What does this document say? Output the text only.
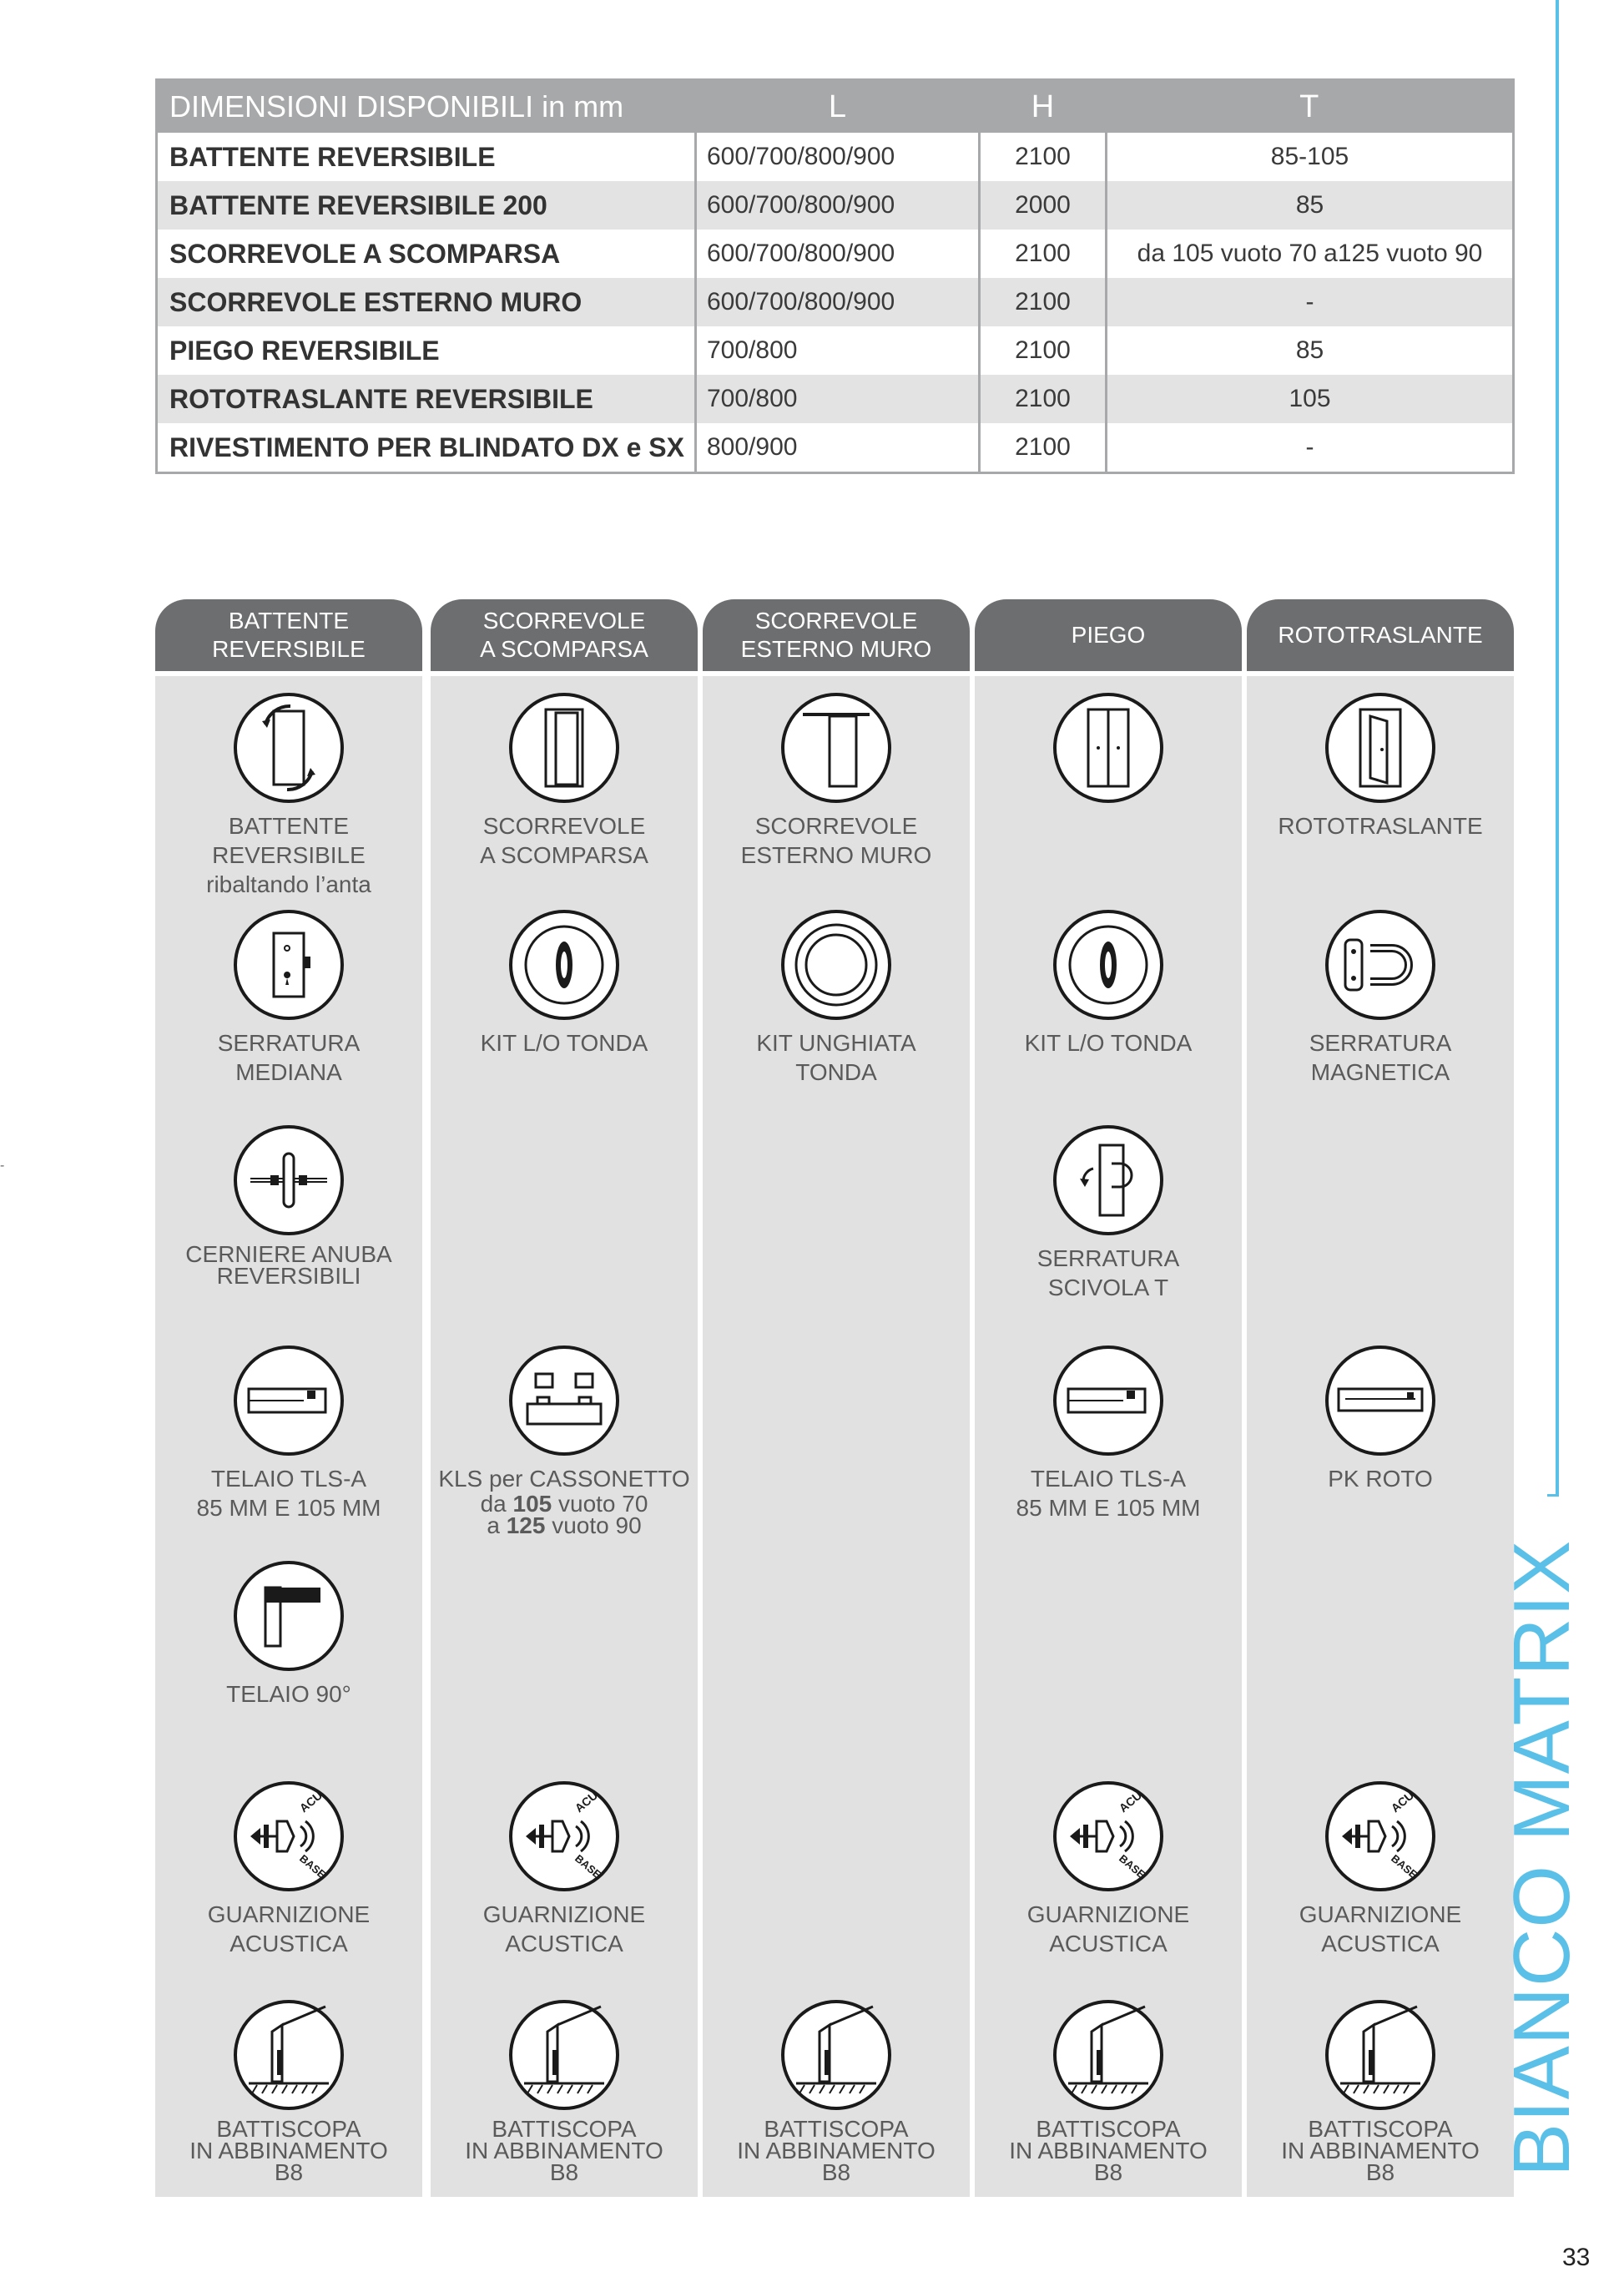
DIMENSIONI DISPONIBILI in mm	L	H	T
BATTENTE REVERSIBILE	600/700/800/900	2100	85-105
BATTENTE REVERSIBILE 200	600/700/800/900	2000	85
SCORREVOLE A SCOMPARSA	600/700/800/900	2100	da 105 vuoto 70 a125 vuoto 90
SCORREVOLE ESTERNO MURO	600/700/800/900	2100	-
PIEGO REVERSIBILE	700/800	2100	85
ROTOTRASLANTE REVERSIBILE	700/800	2100	105
RIVESTIMENTO PER BLINDATO DX e SX	800/900	2100	-
BATTENTE
REVERSIBILE
BATTENTE REVERSIBILE
ribaltando l’anta
SERRATURA
MEDIANA
CERNIERE ANUBA
REVERSIBILI
TELAIO TLS-A
85 MM E 105 MM
TELAIO 90°
GUARNIZIONE
ACUSTICA
BATTISCOPA
IN ABBINAMENTO
B8
SCORREVOLE
A SCOMPARSA
SCORREVOLE
A SCOMPARSA
KIT L/O TONDA
KLS per CASSONETTO
da 105 vuoto 70
a 125 vuoto 90
GUARNIZIONE
ACUSTICA
BATTISCOPA
IN ABBINAMENTO
B8
SCORREVOLE
ESTERNO MURO
SCORREVOLE
ESTERNO MURO
KIT UNGHIATA
TONDA
BATTISCOPA
IN ABBINAMENTO
B8
PIEGO
KIT L/O TONDA
SERRATURA
SCIVOLA T
TELAIO TLS-A
85 MM E 105 MM
GUARNIZIONE
ACUSTICA
BATTISCOPA
IN ABBINAMENTO
B8
ROTOTRASLANTE
ROTOTRASLANTE
SERRATURA
MAGNETICA
PK ROTO
GUARNIZIONE
ACUSTICA
BATTISCOPA
IN ABBINAMENTO
B8	BIANCO MATRIX
33
-
